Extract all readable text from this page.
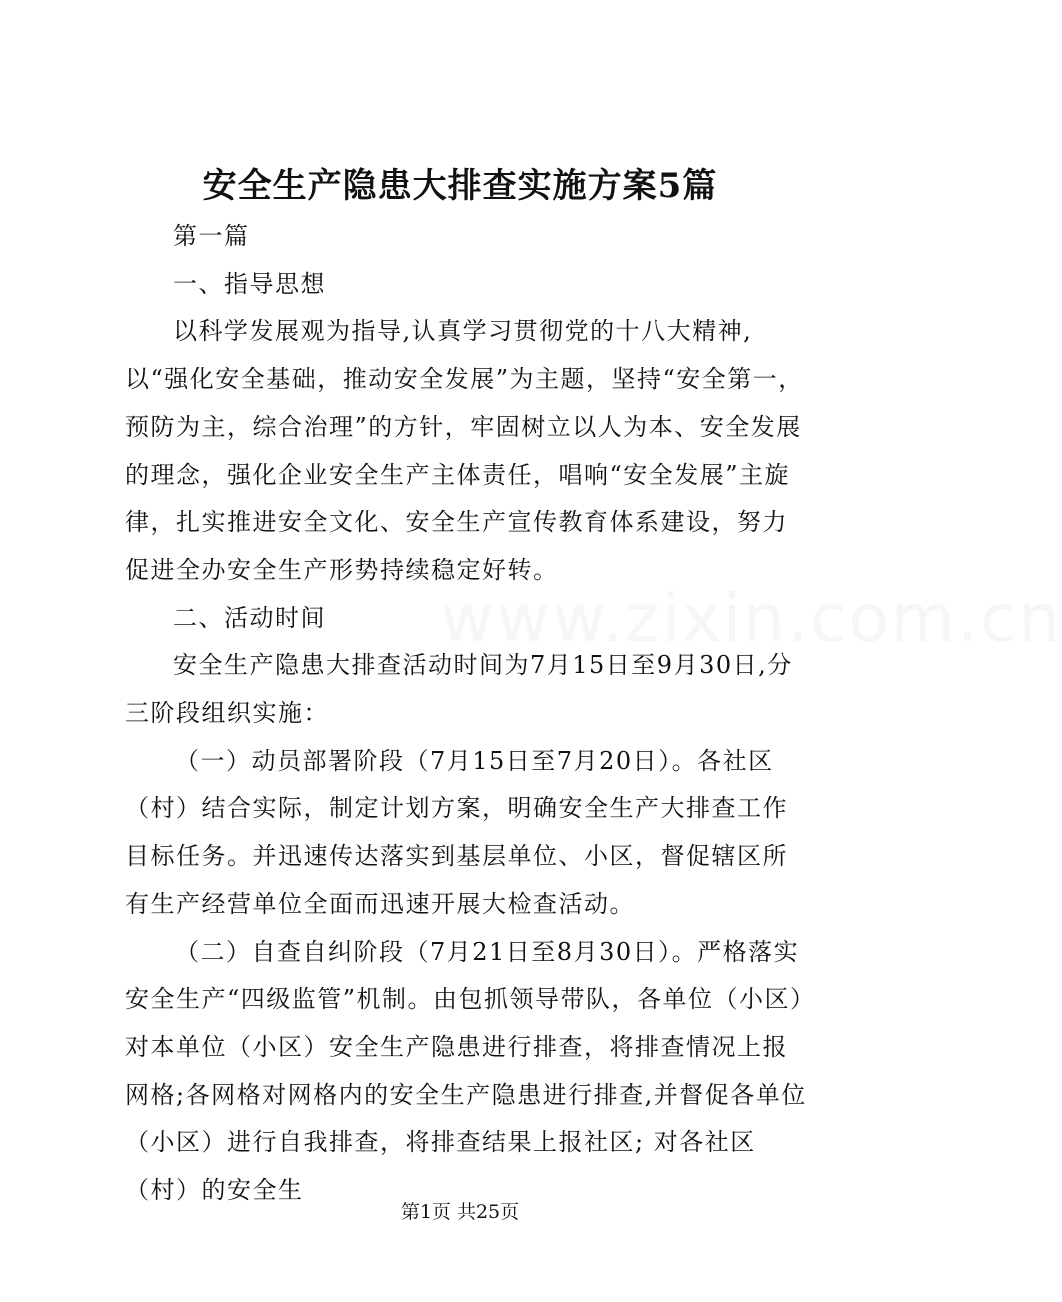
www.zixin.com.cn
安全生产隐患大排查实施方案5篇

第一篇

一、指导思想

以科学发展观为指导,认真学习贯彻党的十八大精神,以“强化安全基础，推动安全发展”为主题，坚持“安全第一，预防为主，综合治理”的方针，牢固树立以人为本、安全发展的理念，强化企业安全生产主体责任，唱响“安全发展”主旋律，扎实推进安全文化、安全生产宣传教育体系建设，努力促进全办安全生产形势持续稳定好转。

二、活动时间

安全生产隐患大排查活动时间为7月15日至9月30日,分三阶段组织实施：

（一）动员部署阶段（7月15日至7月20日）。各社区（村）结合实际，制定计划方案，明确安全生产大排查工作目标任务。并迅速传达落实到基层单位、小区，督促辖区所有生产经营单位全面而迅速开展大检查活动。

（二）自查自纠阶段（7月21日至8月30日）。严格落实安全生产“四级监管”机制。由包抓领导带队，各单位（小区）对本单位（小区）安全生产隐患进行排查，将排查情况上报网格;各网格对网格内的安全生产隐患进行排查,并督促各单位（小区）进行自我排查，将排查结果上报社区; 对各社区（村）的安全生

第1页 共25页
